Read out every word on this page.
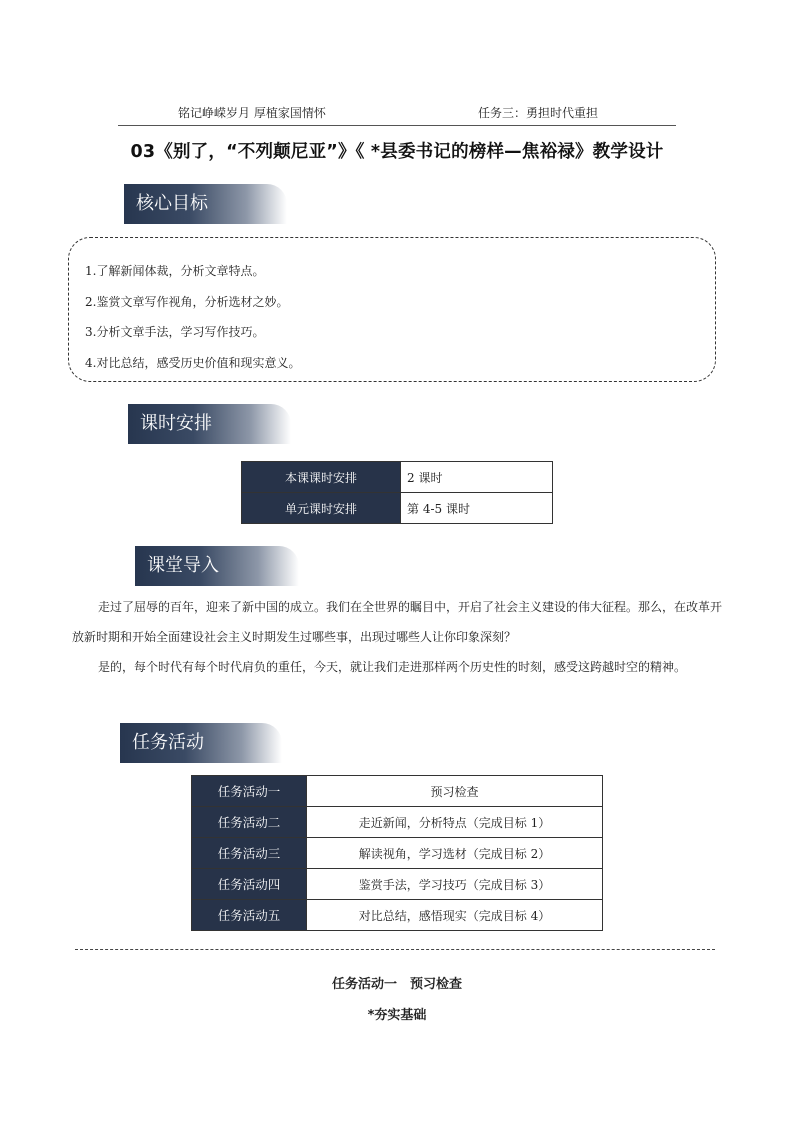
铭记峥嵘岁月 厚植家国情怀	任务三：勇担时代重担
03《别了，“不列颠尼亚”》《 *县委书记的榜样—焦裕禄》教学设计
核心目标
1.了解新闻体裁，分析文章特点。
2.鉴赏文章写作视角，分析选材之妙。
3.分析文章手法，学习写作技巧。
4.对比总结，感受历史价值和现实意义。
课时安排
本课课时安排	2 课时
单元课时安排	第 4-5 课时
课堂导入
走过了屈辱的百年，迎来了新中国的成立。我们在全世界的瞩目中，开启了社会主义建设的伟大征程。那么，在改革开放新时期和开始全面建设社会主义时期发生过哪些事，出现过哪些人让你印象深刻？
是的，每个时代有每个时代肩负的重任，今天，就让我们走进那样两个历史性的时刻，感受这跨越时空的精神。
任务活动
任务活动一	预习检查
任务活动二	走近新闻，分析特点（完成目标 1）
任务活动三	解读视角，学习选材（完成目标 2）
任务活动四	鉴赏手法，学习技巧（完成目标 3）
任务活动五	对比总结，感悟现实（完成目标 4）
任务活动一　预习检查
*夯实基础
